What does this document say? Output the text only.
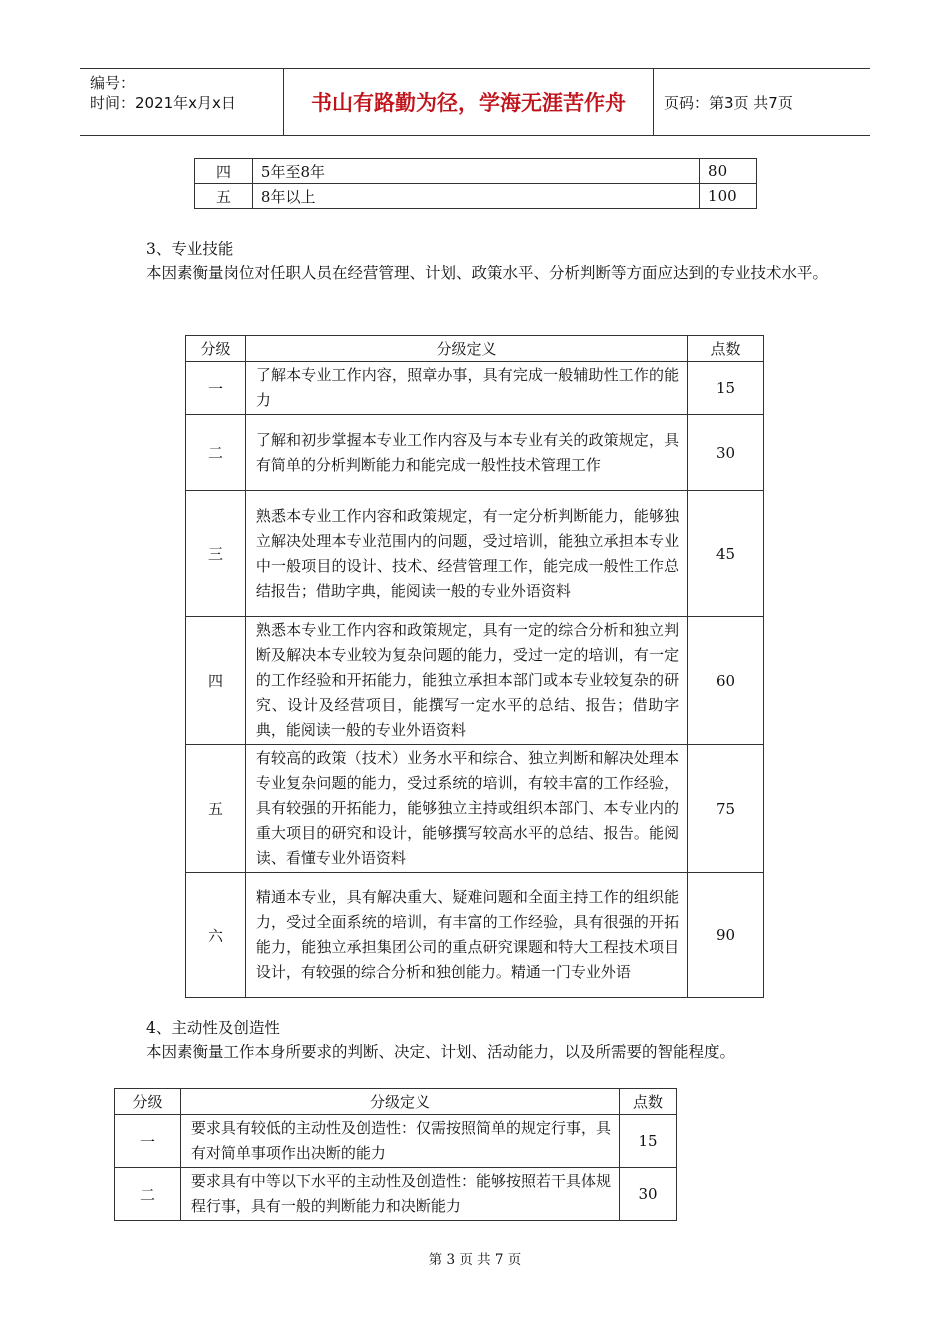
编号：
时间：2021年x月x日	书山有路勤为径，学海无涯苦作舟	页码：第3页 共7页
四	5年至8年	80
五	8年以上	100
3、专业技能
本因素衡量岗位对任职人员在经营管理、计划、政策水平、分析判断等方面应达到的专业技术水平。
分级	分级定义	点数
一	了解本专业工作内容，照章办事，具有完成一般辅助性工作的能力	15
二	了解和初步掌握本专业工作内容及与本专业有关的政策规定，具有简单的分析判断能力和能完成一般性技术管理工作	30
三	熟悉本专业工作内容和政策规定，有一定分析判断能力，能够独立解决处理本专业范围内的问题，受过培训，能独立承担本专业中一般项目的设计、技术、经营管理工作，能完成一般性工作总结报告；借助字典，能阅读一般的专业外语资料	45
四	熟悉本专业工作内容和政策规定，具有一定的综合分析和独立判断及解决本专业较为复杂问题的能力，受过一定的培训，有一定的工作经验和开拓能力，能独立承担本部门或本专业较复杂的研究、设计及经营项目，能撰写一定水平的总结、报告；借助字典，能阅读一般的专业外语资料	60
五	有较高的政策（技术）业务水平和综合、独立判断和解决处理本专业复杂问题的能力，受过系统的培训，有较丰富的工作经验，具有较强的开拓能力，能够独立主持或组织本部门、本专业内的重大项目的研究和设计，能够撰写较高水平的总结、报告。能阅读、看懂专业外语资料	75
六	精通本专业，具有解决重大、疑难问题和全面主持工作的组织能力，受过全面系统的培训，有丰富的工作经验，具有很强的开拓能力，能独立承担集团公司的重点研究课题和特大工程技术项目设计，有较强的综合分析和独创能力。精通一门专业外语	90
4、主动性及创造性
本因素衡量工作本身所要求的判断、决定、计划、活动能力，以及所需要的智能程度。
分级	分级定义	点数
一	要求具有较低的主动性及创造性：仅需按照简单的规定行事，具有对简单事项作出决断的能力	15
二	要求具有中等以下水平的主动性及创造性：能够按照若干具体规程行事，具有一般的判断能力和决断能力	30
第 3 页 共 7 页
